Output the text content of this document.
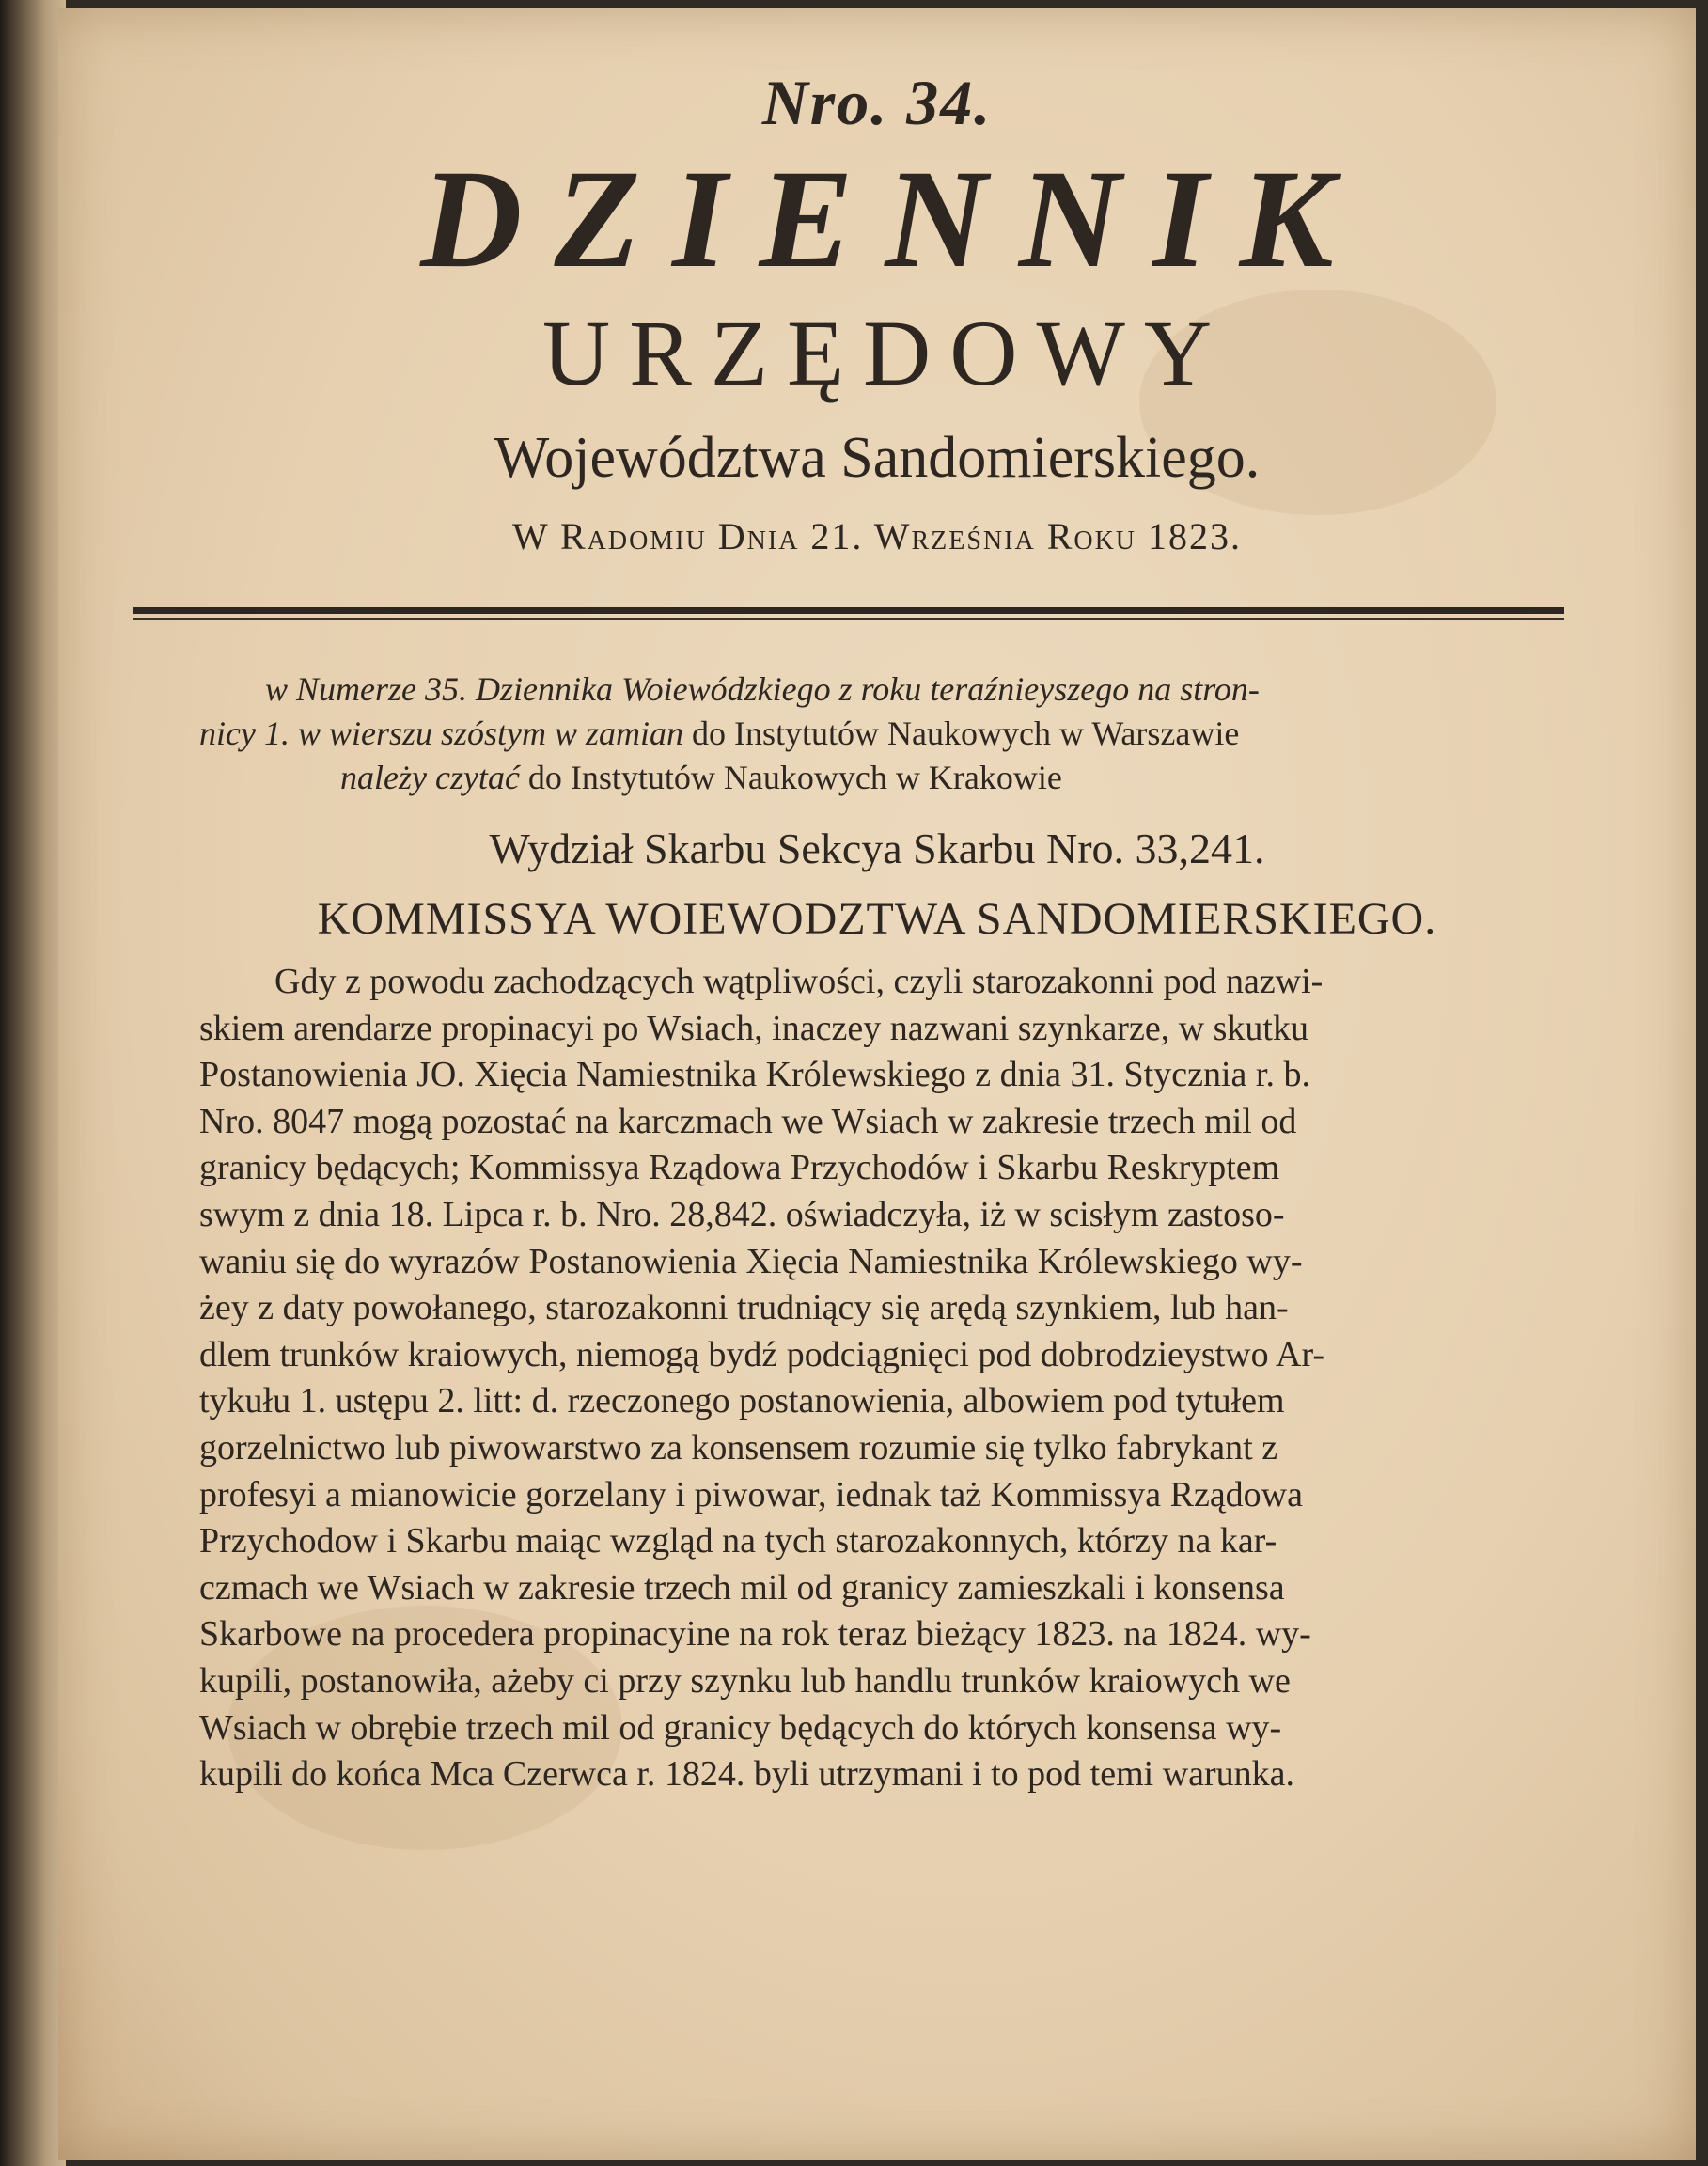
Nro. 34.
DZIENNIK
URZĘDOWY
Województwa Sandomierskiego.
W Radomiu Dnia 21. Września Roku 1823.

w Numerze 35. Dziennika Woiewódzkiego z roku teraźnieyszego na stron-

nicy 1. w wierszu szóstym w zamian do Instytutów Naukowych w Warszawie

należy czytać do Instytutów Naukowych w Krakowie

Wydział Skarbu Sekcya Skarbu Nro. 33,241.
KOMMISSYA WOIEWODZTWA SANDOMIERSKIEGO.

Gdy z powodu zachodzących wątpliwości, czyli starozakonni pod nazwi-

skiem arendarze propinacyi po Wsiach, inaczey nazwani szynkarze, w skutku

Postanowienia JO. Xięcia Namiestnika Królewskiego z dnia 31. Stycznia r. b.

Nro. 8047 mogą pozostać na karczmach we Wsiach w zakresie trzech mil od

granicy będących; Kommissya Rządowa Przychodów i Skarbu Reskryptem

swym z dnia 18. Lipca r. b. Nro. 28,842. oświadczyła, iż w scisłym zastoso-

waniu się do wyrazów Postanowienia Xięcia Namiestnika Królewskiego wy-

żey z daty powołanego, starozakonni trudniący się arędą szynkiem, lub han-

dlem trunków kraiowych, niemogą bydź podciągnięci pod dobrodzieystwo Ar-

tykułu 1. ustępu 2. litt: d. rzeczonego postanowienia, albowiem pod tytułem

gorzelnictwo lub piwowarstwo za konsensem rozumie się tylko fabrykant z

profesyi a mianowicie gorzelany i piwowar, iednak taż Kommissya Rządowa

Przychodow i Skarbu maiąc wzgląd na tych starozakonnych, którzy na kar-

czmach we Wsiach w zakresie trzech mil od granicy zamieszkali i konsensa

Skarbowe na procedera propinacyine na rok teraz bieżący 1823. na 1824. wy-

kupili, postanowiła, ażeby ci przy szynku lub handlu trunków kraiowych we

Wsiach w obrębie trzech mil od granicy będących do których konsensa wy-

kupili do końca Mca Czerwca r. 1824. byli utrzymani i to pod temi warunka.
